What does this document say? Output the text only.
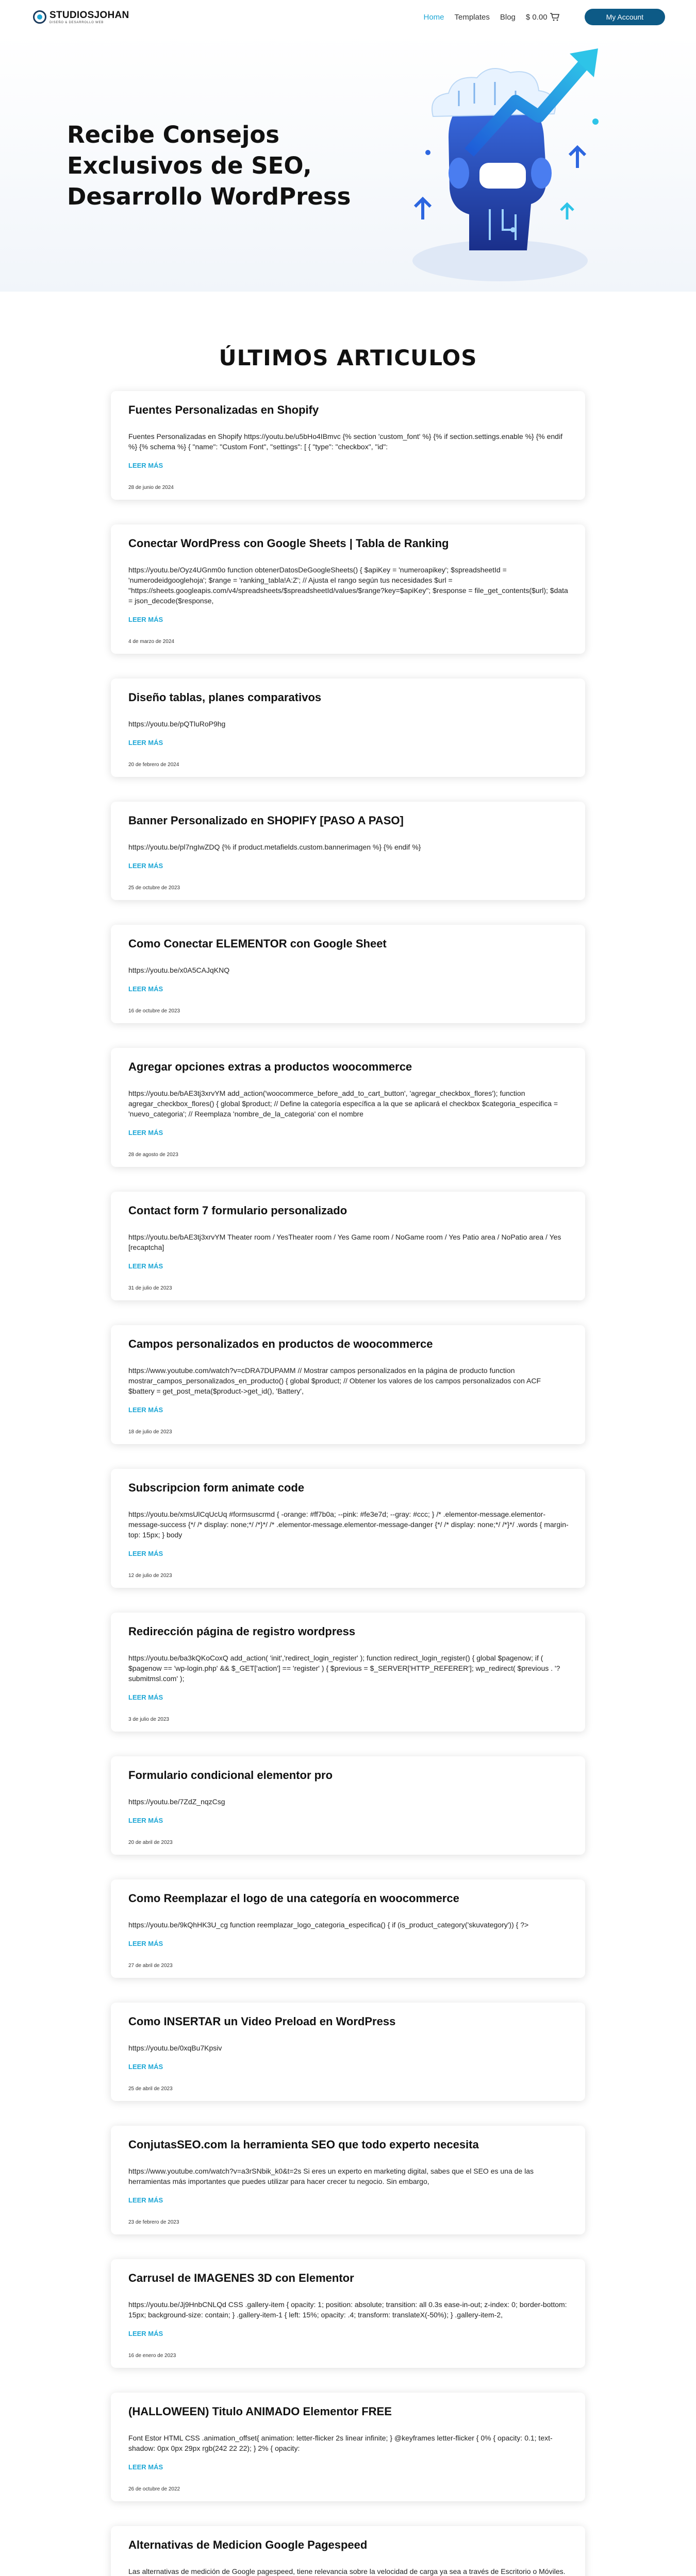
STUDIOSJOHAN
DISEÑO & DESARROLLO WEB
Home Templates Blog $ 0.00	My Account
Recibe Consejos Exclusivos de SEO, Desarrollo WordPress
ÚLTIMOS ARTICULOS
Fuentes Personalizadas en Shopify

Fuentes Personalizadas en Shopify https://youtu.be/u5bHo4IBmvc {% section 'custom_font' %} {% if section.settings.enable %} {% endif %} {% schema %} { "name": "Custom Font", "settings": [ { "type": "checkbox", "id":

LEER MÁS
28 de junio de 2024
Conectar WordPress con Google Sheets | Tabla de Ranking

https://youtu.be/Oyz4UGnm0o function obtenerDatosDeGoogleSheets() { $apiKey = 'numeroapikey'; $spreadsheetId = 'numerodeidgooglehoja'; $range = 'ranking_tabla!A:Z'; // Ajusta el rango según tus necesidades $url = "https://sheets.googleapis.com/v4/spreadsheets/$spreadsheetId/values/$range?key=$apiKey"; $response = file_get_contents($url); $data = json_decode($response,

LEER MÁS
4 de marzo de 2024
Diseño tablas, planes comparativos

https://youtu.be/pQTluRoP9hg

LEER MÁS
20 de febrero de 2024
Banner Personalizado en SHOPIFY [PASO A PASO]

https://youtu.be/pl7ngIwZDQ {% if product.metafields.custom.bannerimagen %} {% endif %}

LEER MÁS
25 de octubre de 2023
Como Conectar ELEMENTOR con Google Sheet

https://youtu.be/x0A5CAJqKNQ

LEER MÁS
16 de octubre de 2023
Agregar opciones extras a productos woocommerce

https://youtu.be/bAE3tj3xrvYM add_action('woocommerce_before_add_to_cart_button', 'agregar_checkbox_flores'); function agregar_checkbox_flores() { global $product; // Define la categoría específica a la que se aplicará el checkbox $categoria_especifica = 'nuevo_categoria'; // Reemplaza 'nombre_de_la_categoria' con el nombre

LEER MÁS
28 de agosto de 2023
Contact form 7 formulario personalizado

https://youtu.be/bAE3tj3xrvYM Theater room / YesTheater room / Yes Game room / NoGame room / Yes Patio area / NoPatio area / Yes [recaptcha]

LEER MÁS
31 de julio de 2023
Campos personalizados en productos de woocommerce

https://www.youtube.com/watch?v=cDRA7DUPAMM // Mostrar campos personalizados en la página de producto function mostrar_campos_personalizados_en_producto() { global $product; // Obtener los valores de los campos personalizados con ACF $battery = get_post_meta($product->get_id(), 'Battery',

LEER MÁS
18 de julio de 2023
Subscripcion form animate code

https://youtu.be/xmsUlCqUcUq #formsuscrmd { -orange: #ff7b0a; --pink: #fe3e7d; --gray: #ccc; } /* .elementor-message.elementor-message-success {*/ /* display: none;*/ /*}*/ /* .elementor-message.elementor-message-danger {*/ /* display: none;*/ /*}*/ .words { margin-top: 15px; } body

LEER MÁS
12 de julio de 2023
Redirección página de registro wordpress

https://youtu.be/ba3kQKoCoxQ add_action( 'init','redirect_login_register' ); function redirect_login_register() { global $pagenow; if ( $pagenow == 'wp-login.php' && $_GET['action'] == 'register' ) { $previous = $_SERVER['HTTP_REFERER']; wp_redirect( $previous . '?submitmsl.com' );

LEER MÁS
3 de julio de 2023
Formulario condicional elementor pro

https://youtu.be/7ZdZ_nqzCsg

LEER MÁS
20 de abril de 2023
Como Reemplazar el logo de una categoría en woocommerce

https://youtu.be/9kQhHK3U_cg function reemplazar_logo_categoria_especifica() { if (is_product_category('skuvategory')) { ?>

LEER MÁS
27 de abril de 2023
Como INSERTAR un Video Preload en WordPress

https://youtu.be/0xqBu7Kpsiv

LEER MÁS
25 de abril de 2023
ConjutasSEO.com la herramienta SEO que todo experto necesita

https://www.youtube.com/watch?v=a3rSNbik_k0&t=2s Si eres un experto en marketing digital, sabes que el SEO es una de las herramientas más importantes que puedes utilizar para hacer crecer tu negocio. Sin embargo,

LEER MÁS
23 de febrero de 2023
Carrusel de IMAGENES 3D con Elementor

https://youtu.be/Jj9HnbCNLQd CSS .gallery-item { opacity: 1; position: absolute; transition: all 0.3s ease-in-out; z-index: 0; border-bottom: 15px; background-size: contain; } .gallery-item-1 { left: 15%; opacity: .4; transform: translateX(-50%); } .gallery-item-2,

LEER MÁS
16 de enero de 2023
(HALLOWEEN) Titulo ANIMADO Elementor FREE

Font Estor HTML CSS .animation_offset{ animation: letter-flicker 2s linear infinite; } @keyframes letter-flicker { 0% { opacity: 0.1; text-shadow: 0px 0px 29px rgb(242 22 22); } 2% { opacity:

LEER MÁS
26 de octubre de 2022
Alternativas de Medicion Google Pagespeed

Las alternativas de medición de Google pagespeed, tiene relevancia sobre la velocidad de carga ya sea a través de Escritorio o Móviles.
